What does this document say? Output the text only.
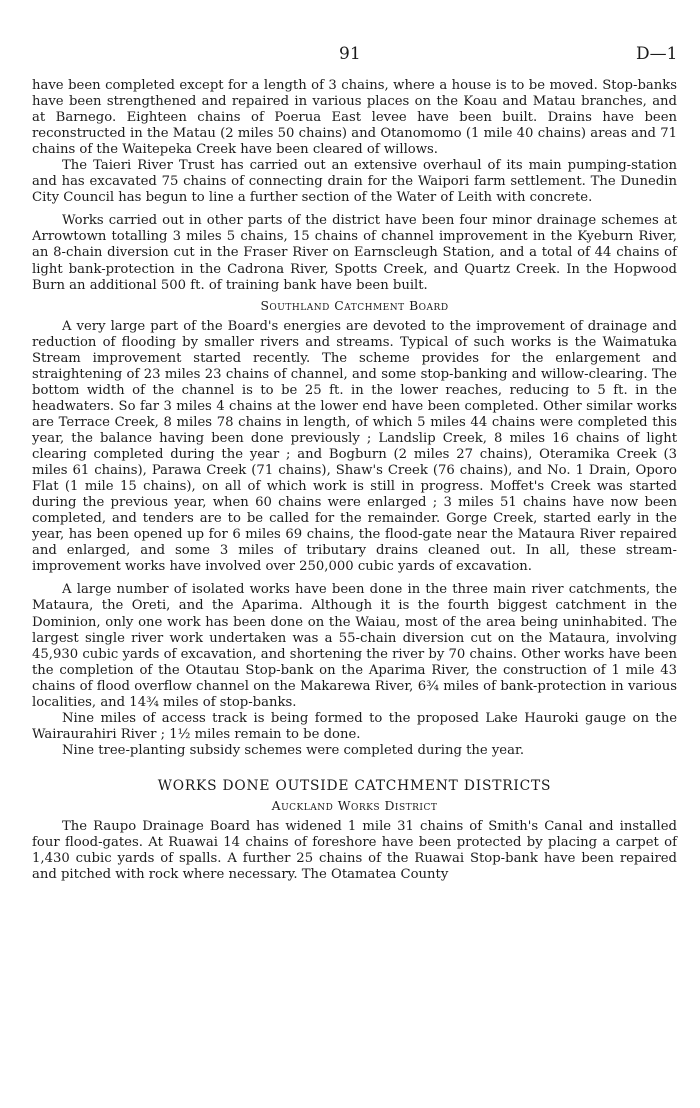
91	D—1

have been completed except for a length of 3 chains, where a house is to be moved. Stop-banks have been strengthened and repaired in various places on the Koau and Matau branches, and at Barnego. Eighteen chains of Poerua East levee have been built. Drains have been reconstructed in the Matau (2 miles 50 chains) and Otanomomo (1 mile 40 chains) areas and 71 chains of the Waitepeka Creek have been cleared of willows.

The Taieri River Trust has carried out an extensive overhaul of its main pumping-station and has excavated 75 chains of connecting drain for the Waipori farm settlement. The Dunedin City Council has begun to line a further section of the Water of Leith with concrete.

Works carried out in other parts of the district have been four minor drainage schemes at Arrowtown totalling 3 miles 5 chains, 15 chains of channel improvement in the Kyeburn River, an 8-chain diversion cut in the Fraser River on Earnscleugh Station, and a total of 44 chains of light bank-protection in the Cadrona River, Spotts Creek, and Quartz Creek. In the Hopwood Burn an additional 500 ft. of training bank have been built.

Southland Catchment Board

A very large part of the Board's energies are devoted to the improvement of drainage and reduction of flooding by smaller rivers and streams. Typical of such works is the Waimatuka Stream improvement started recently. The scheme provides for the enlargement and straightening of 23 miles 23 chains of channel, and some stop-banking and willow-clearing. The bottom width of the channel is to be 25 ft. in the lower reaches, reducing to 5 ft. in the headwaters. So far 3 miles 4 chains at the lower end have been completed. Other similar works are Terrace Creek, 8 miles 78 chains in length, of which 5 miles 44 chains were completed this year, the balance having been done previously ; Landslip Creek, 8 miles 16 chains of light clearing completed during the year ; and Bogburn (2 miles 27 chains), Oteramika Creek (3 miles 61 chains), Parawa Creek (71 chains), Shaw's Creek (76 chains), and No. 1 Drain, Oporo Flat (1 mile 15 chains), on all of which work is still in progress. Moffet's Creek was started during the previous year, when 60 chains were enlarged ; 3 miles 51 chains have now been completed, and tenders are to be called for the remainder. Gorge Creek, started early in the year, has been opened up for 6 miles 69 chains, the flood-gate near the Mataura River repaired and enlarged, and some 3 miles of tributary drains cleaned out. In all, these stream-improvement works have involved over 250,000 cubic yards of excavation.

A large number of isolated works have been done in the three main river catchments, the Mataura, the Oreti, and the Aparima. Although it is the fourth biggest catchment in the Dominion, only one work has been done on the Waiau, most of the area being uninhabited. The largest single river work undertaken was a 55-chain diversion cut on the Mataura, involving 45,930 cubic yards of excavation, and shortening the river by 70 chains. Other works have been the completion of the Otautau Stop-bank on the Aparima River, the construction of 1 mile 43 chains of flood overflow channel on the Makarewa River, 6¾ miles of bank-protection in various localities, and 14¾ miles of stop-banks.

Nine miles of access track is being formed to the proposed Lake Hauroki gauge on the Wairaurahiri River ; 1½ miles remain to be done.

Nine tree-planting subsidy schemes were completed during the year.

WORKS DONE OUTSIDE CATCHMENT DISTRICTS
Auckland Works District

The Raupo Drainage Board has widened 1 mile 31 chains of Smith's Canal and installed four flood-gates. At Ruawai 14 chains of foreshore have been protected by placing a carpet of 1,430 cubic yards of spalls. A further 25 chains of the Ruawai Stop-bank have been repaired and pitched with rock where necessary. The Otamatea County
